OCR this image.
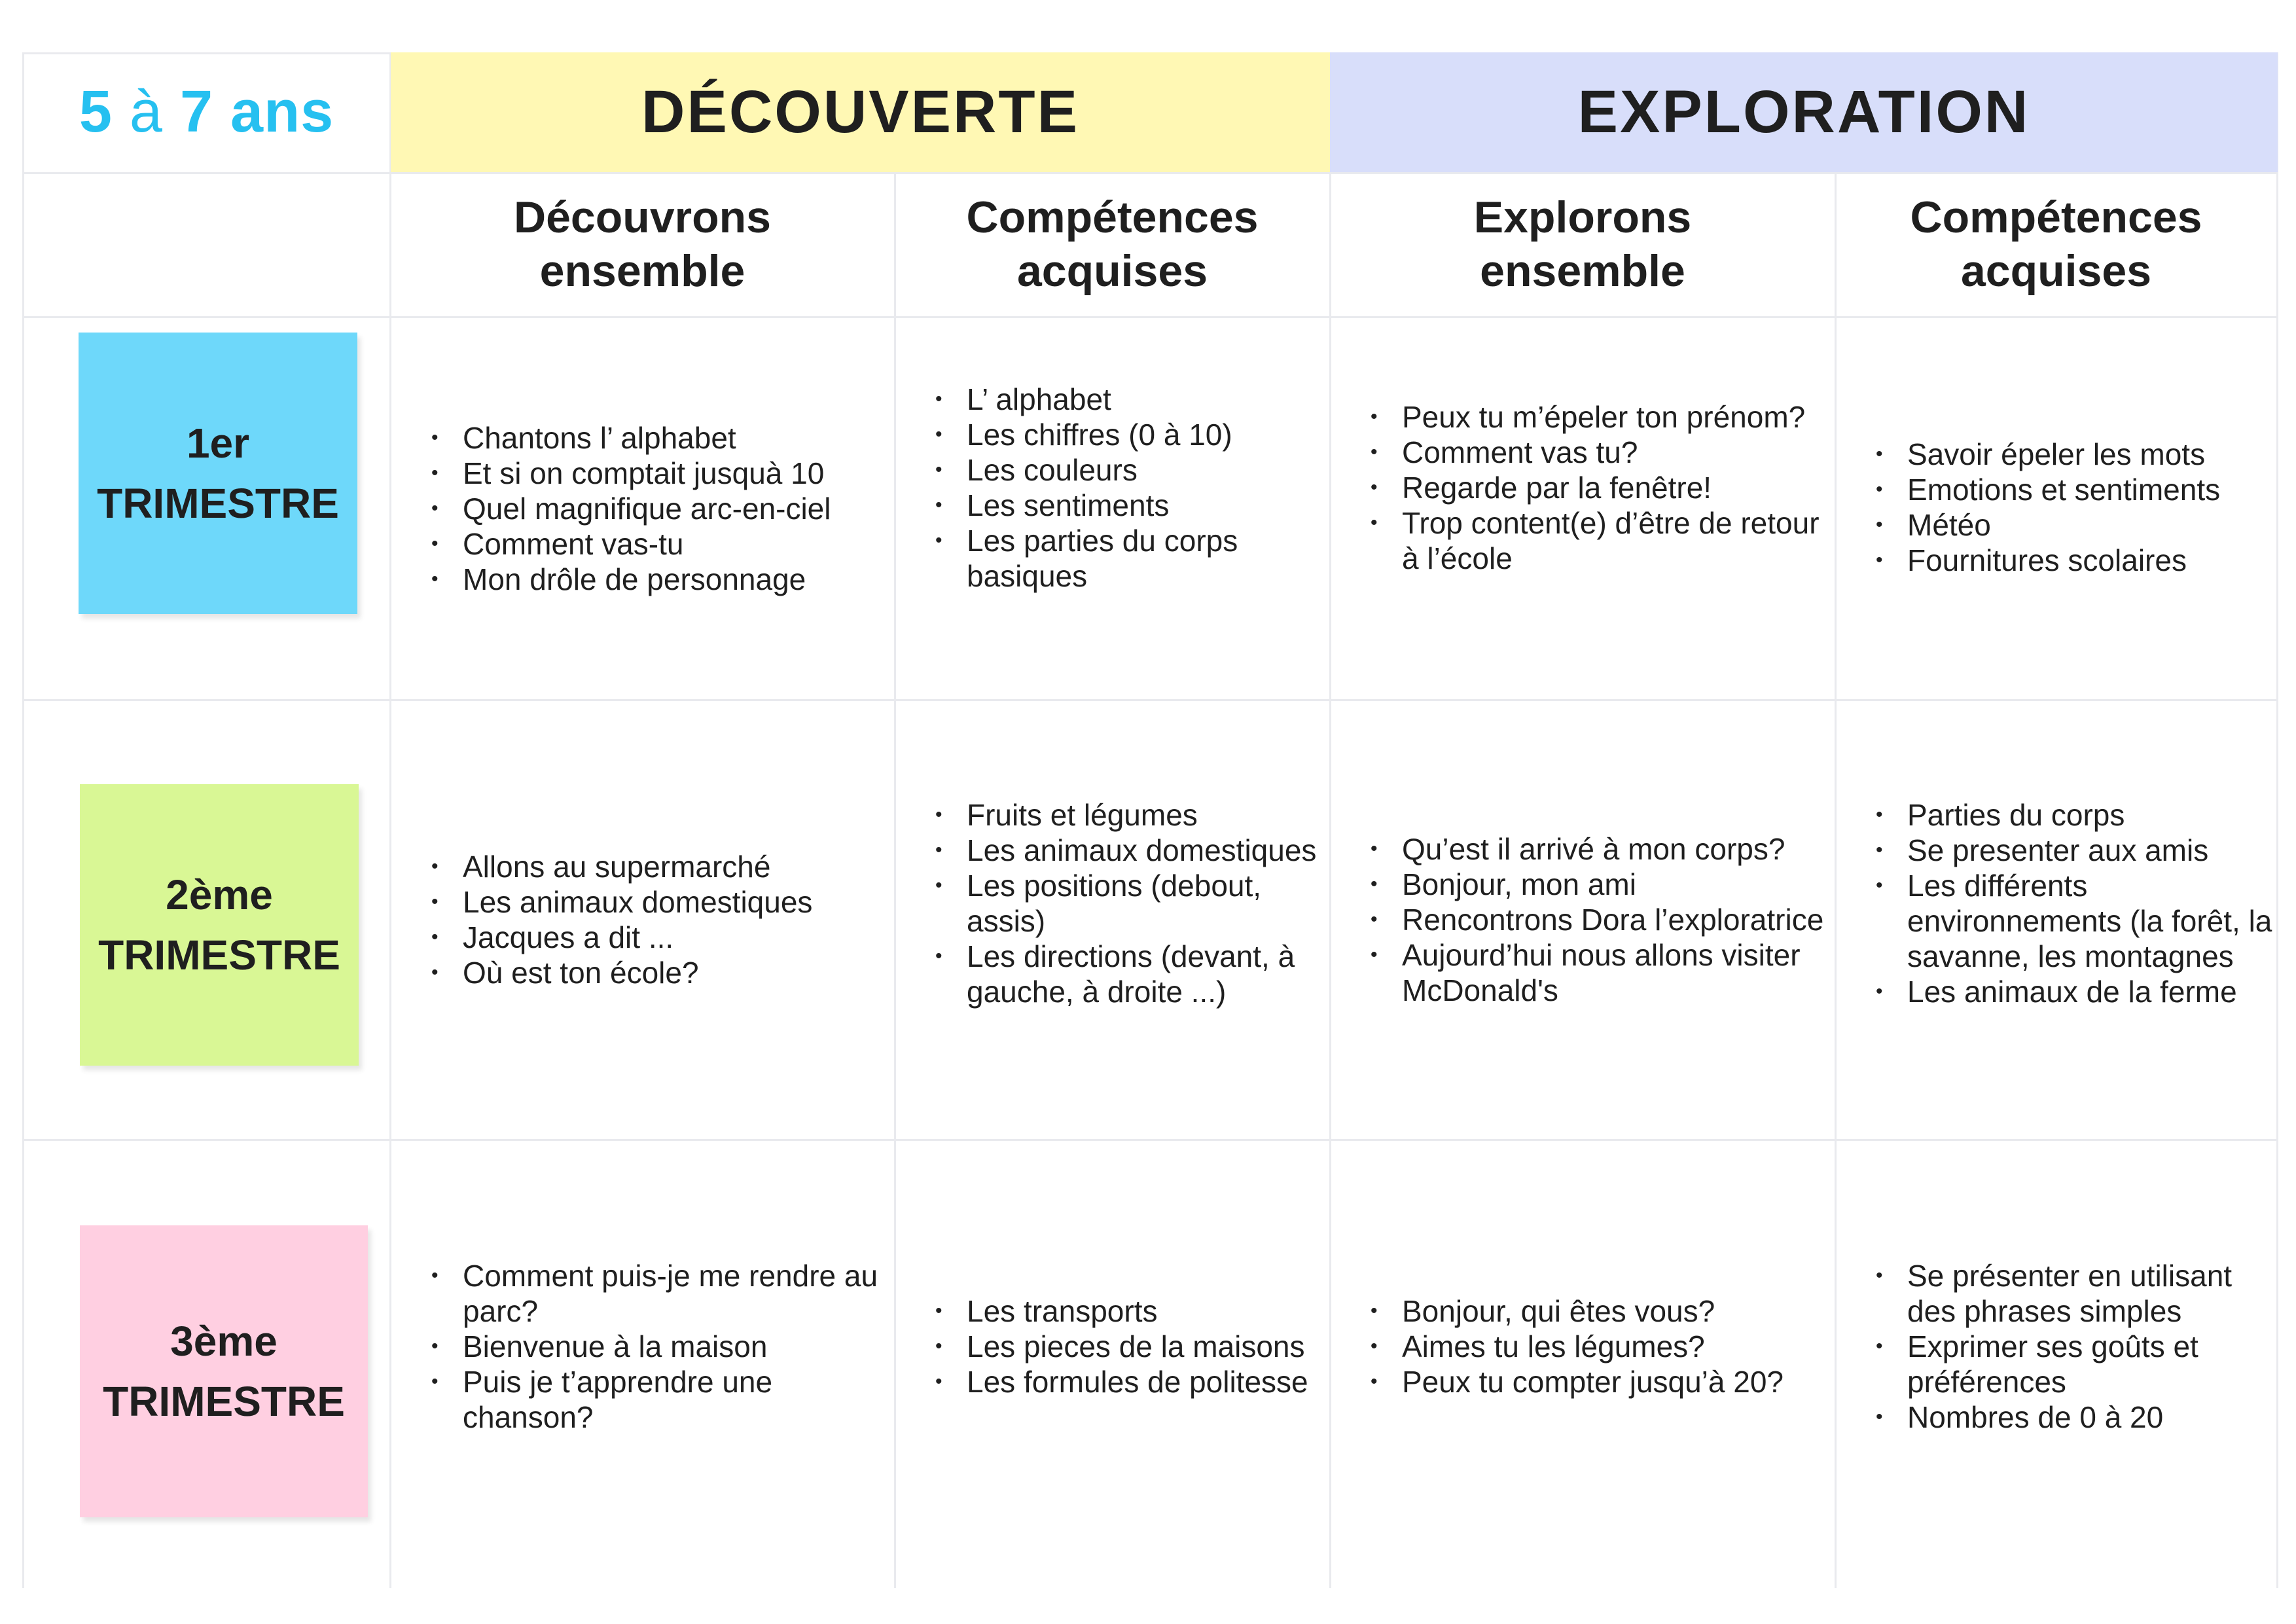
5 à 7 ans	DÉCOUVERTE	EXPLORATION
Découvrons
ensemble
Compétences
acquises
Explorons
ensemble
Compétences
acquises
1er
TRIMESTRE
2ème
TRIMESTRE
3ème
TRIMESTRE
• Chantons l’ alphabet
• Et si on comptait jusquà 10
• Quel magnifique arc-en-ciel
• Comment vas-tu
• Mon drôle de personnage
• L’ alphabet
• Les chiffres (0 à 10)
• Les couleurs
• Les sentiments
• Les parties du corps basiques
• Peux tu m’épeler ton prénom?
• Comment vas tu?
• Regarde par la fenêtre!
• Trop content(e) d’être de retour à l’école
• Savoir épeler les mots
• Emotions et sentiments
• Météo
• Fournitures scolaires
• Allons au supermarché
• Les animaux domestiques
• Jacques a dit ...
• Où est ton école?
• Fruits et légumes
• Les animaux domestiques
• Les positions (debout, assis)
• Les directions (devant, à gauche, à droite ...)
• Qu’est il arrivé à mon corps?
• Bonjour, mon ami
• Rencontrons Dora l’exploratrice
• Aujourd’hui nous allons visiter McDonald's
• Parties du corps
• Se presenter aux amis
• Les différents environnements (la forêt, la savanne, les montagnes
• Les animaux de la ferme
• Comment puis-je me rendre au parc?
• Bienvenue à la maison
• Puis je t’apprendre une chanson?
• Les transports
• Les pieces de la maisons
• Les formules de politesse
• Bonjour, qui êtes vous?
• Aimes tu les légumes?
• Peux tu compter jusqu’à 20?
• Se présenter en utilisant des phrases simples
• Exprimer ses goûts et préférences
• Nombres de 0 à 20
